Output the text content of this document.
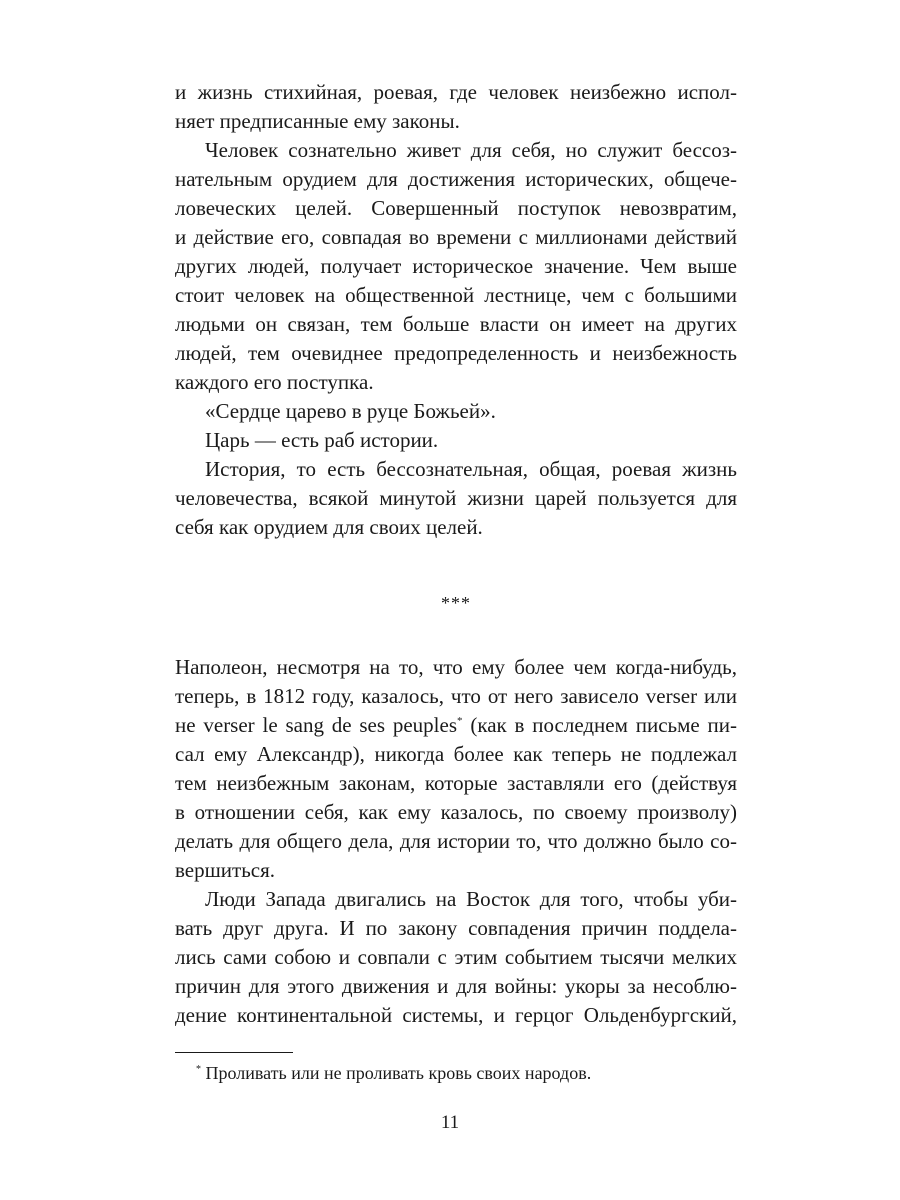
и жизнь стихийная, роевая, где человек неизбежно испол-
няет предписанные ему законы.
Человек сознательно живет для себя, но служит бессоз-
нательным орудием для достижения исторических, общече-
ловеческих целей. Совершенный поступок невозвратим,
и действие его, совпадая во времени с миллионами действий
других людей, получает историческое значение. Чем выше
стоит человек на общественной лестнице, чем с большими
людьми он связан, тем больше власти он имеет на других
людей, тем очевиднее предопределенность и неизбежность
каждого его поступка.
«Сердце царево в руце Божьей».
Царь — есть раб истории.
История, то есть бессознательная, общая, роевая жизнь
человечества, всякой минутой жизни царей пользуется для
себя как орудием для своих целей.
***
Наполеон, несмотря на то, что ему более чем когда-нибудь,
теперь, в 1812 году, казалось, что от него зависело verser или
не verser le sang de ses peuples* (как в последнем письме пи-
сал ему Александр), никогда более как теперь не подлежал
тем неизбежным законам, которые заставляли его (действуя
в отношении себя, как ему казалось, по своему произволу)
делать для общего дела, для истории то, что должно было со-
вершиться.
Люди Запада двигались на Восток для того, чтобы уби-
вать друг друга. И по закону совпадения причин поддела-
лись сами собою и совпали с этим событием тысячи мелких
причин для этого движения и для войны: укоры за несоблю-
дение континентальной системы, и герцог Ольденбургский,
* Проливать или не проливать кровь своих народов.
11
